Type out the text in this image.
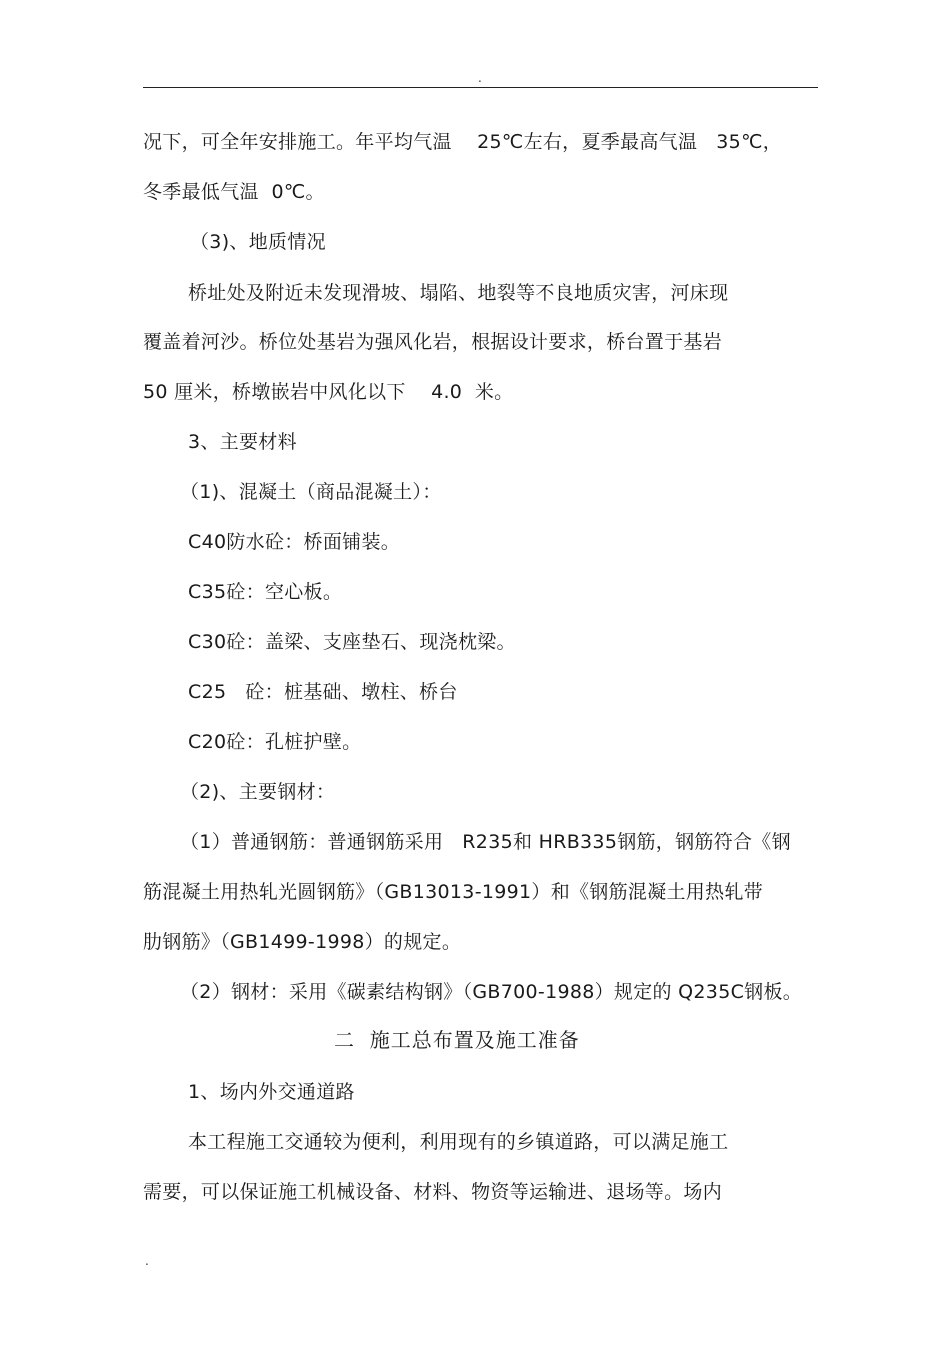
.
况下，可全年安排施工。年平均气温    25℃左右，夏季最高气温   35℃，
冬季最低气温  0℃。
（3)、地质情况
桥址处及附近未发现滑坡、塌陷、地裂等不良地质灾害，河床现
覆盖着河沙。桥位处基岩为强风化岩，根据设计要求，桥台置于基岩
50 厘米，桥墩嵌岩中风化以下    4.0  米。
3、主要材料
（1)、混凝土（商品混凝土）：
C40防水砼：桥面铺装。
C35砼：空心板。
C30砼：盖梁、支座垫石、现浇枕梁。
C25   砼：桩基础、墩柱、桥台
C20砼：孔桩护壁。
（2)、主要钢材：
（1）普通钢筋：普通钢筋采用   R235和 HRB335钢筋，钢筋符合《钢
筋混凝土用热轧光圆钢筋》（GB13013-1991）和《钢筋混凝土用热轧带
肋钢筋》（GB1499-1998）的规定。
（2）钢材：采用《碳素结构钢》（GB700-1988）规定的 Q235C钢板。
二  施工总布置及施工准备
1、场内外交通道路
本工程施工交通较为便利，利用现有的乡镇道路，可以满足施工
需要，可以保证施工机械设备、材料、物资等运输进、退场等。场内
.
